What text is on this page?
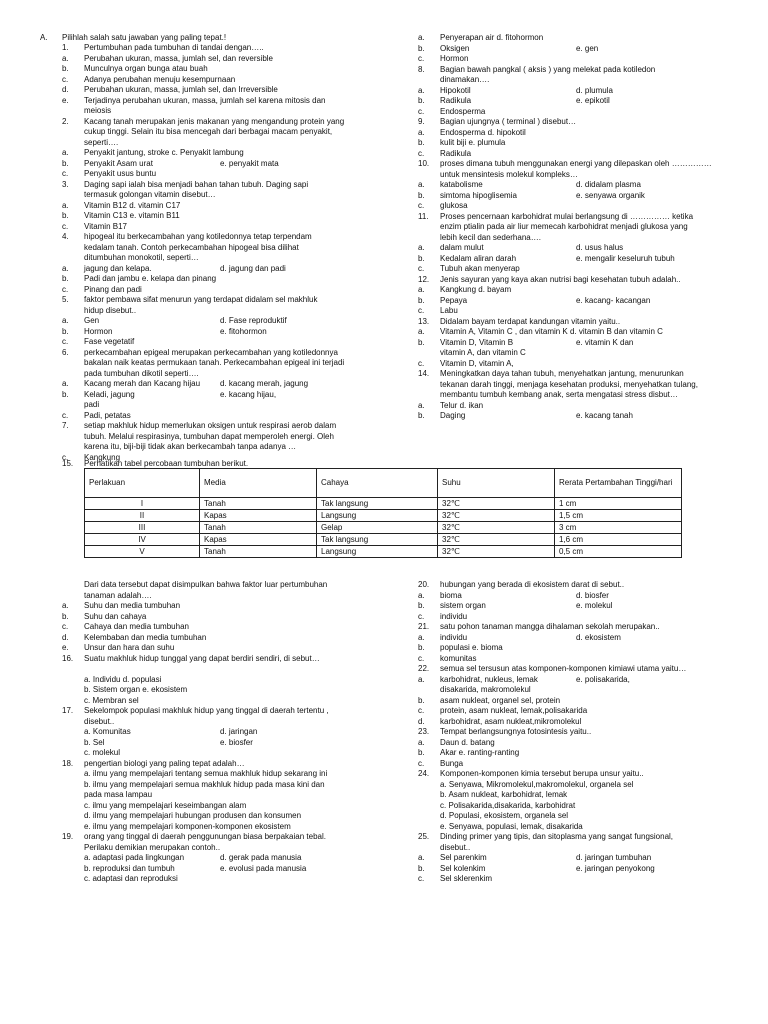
A. Pilihlah salah satu jawaban yang paling tepat.!
1. Pertumbuhan pada tumbuhan di tandai dengan…..
a. Perubahan ukuran, massa, jumlah sel, dan reversible
b. Munculnya organ bunga atau buah
c. Adanya perubahan menuju kesempurnaan
d. Perubahan ukuran, massa, jumlah sel, dan Irreversible
e. Terjadinya perubahan ukuran, massa, jumlah sel karena mitosis dan
meiosis
2. Kacang tanah merupakan jenis makanan yang mengandung protein yang
cukup tinggi. Selain itu bisa mencegah dari berbagai macam penyakit,
seperti….
a. Penyakit jantung, stroke c. Penyakit lambung
b. Penyakit Asam urat	e. penyakit mata
c. Penyakit usus buntu
3. Daging sapi ialah bisa menjadi bahan tahan tubuh. Daging sapi
termasuk golongan vitamin disebut…
a. Vitamin B12 d. vitamin C17
b. Vitamin C13 e. vitamin B11
c. Vitamin B17
4. hipogeal itu berkecambahan yang kotiledonnya tetap terpendam
kedalam tanah. Contoh perkecambahan hipogeal bisa dilihat
ditumbuhan monokotil, seperti…
a. jagung dan kelapa.	d. jagung dan padi
b. Padi dan jambu e. kelapa dan pinang
c. Pinang dan padi
5. faktor pembawa sifat menurun yang terdapat didalam sel makhluk
hidup disebut..
a. Gen	d. Fase reproduktif
b. Hormon	e. fitohormon
c. Fase vegetatif
6. perkecambahan epigeal merupakan perkecambahan yang kotiledonnya
bakalan naik keatas permukaan tanah. Perkecambahan epigeal ini terjadi
pada tumbuhan dikotil seperti….
a. Kacang merah dan Kacang hijau d. kacang merah, jagung
b. Keladi, jagung	e. kacang hijau,
padi
c. Padi, petatas
7. setiap makhluk hidup memerlukan oksigen untuk respirasi aerob dalam
tubuh. Melalui respirasinya, tumbuhan dapat memperoleh energi. Oleh
karena itu, biji-biji tidak akan berkecambah tanpa adanya …
c. Kangkung
a. Penyerapan air d. fitohormon
b. Oksigen	e. gen
c. Hormon
8. Bagian bawah pangkal ( aksis ) yang melekat pada kotiledon
dinamakan….
a. Hipokotil	d. plumula
b. Radikula	e. epikotil
c. Endosperma
9. Bagian ujungnya ( terminal ) disebut…
a. Endosperma d. hipokotil
b. kulit biji e. plumula
c. Radikula
10. proses dimana tubuh menggunakan energi yang dilepaskan oleh ……………
untuk mensintesis molekul kompleks…
a. katabolisme	d. didalam plasma
b. simtoma hipoglisemia	e. senyawa organik
c. glukosa
11. Proses pencernaan karbohidrat mulai berlangsung di …………… ketika
enzim ptialin pada air liur memecah karbohidrat menjadi glukosa yang
lebih kecil dan sederhana….
a. dalam mulut	d. usus halus
b. Kedalam aliran darah	e. mengalir keseluruh tubuh
c. Tubuh akan menyerap
12. Jenis sayuran yang kaya akan nutrisi bagi kesehatan tubuh adalah..
a. Kangkung d. bayam
b. Pepaya	e. kacang- kacangan
c. Labu
13. Didalam bayam terdapat kandungan vitamin yaitu..
a. Vitamin A, Vitamin C , dan vitamin K d. vitamin B dan vitamin C
b. Vitamin D, Vitamin B	e. vitamin K dan
vitamin A, dan vitamin C
c. Vitamin D, vitamin A,
14. Meningkatkan daya tahan tubuh, menyehatkan jantung, menurunkan
tekanan darah tinggi, menjaga kesehatan produksi, menyehatkan tulang,
membantu tumbuh kembang anak, serta mengatasi stress disbut…
a. Telur d. ikan
b. Daging	e. kacang tanah
15. Perhatikan tabel percobaan tumbuhan berikut.
Perlakuan	Media	Cahaya	Suhu	Rerata Pertambahan Tinggi/hari
I	Tanah	Tak langsung	32℃	1 cm
II	Kapas	Langsung	32℃	1,5 cm
III	Tanah	Gelap	32℃	3 cm
IV	Kapas	Tak langsung	32℃	1,6 cm
V	Tanah	Langsung	32℃	0,5 cm
Dari data tersebut dapat disimpulkan bahwa faktor luar pertumbuhan
tanaman adalah….
a. Suhu dan media tumbuhan
b. Suhu dan cahaya
c. Cahaya dan media tumbuhan
d. Kelembaban dan media tumbuhan
e. Unsur dan hara dan suhu
16. Suatu makhluk hidup tunggal yang dapat berdiri sendiri, di sebut…
a. Individu d. populasi
b. Sistem organ e. ekosistem
c. Membran sel
17. Sekelompok populasi makhluk hidup yang tinggal di daerah tertentu ,
disebut..
a. Komunitas	d. jaringan
b. Sel	e. biosfer
c. molekul
18. pengertian biologi yang paling tepat adalah…
a. ilmu yang mempelajari tentang semua makhluk hidup sekarang ini
b. ilmu yang mempelajari semua makhluk hidup pada masa kini dan
pada masa lampau
c. ilmu yang mempelajari keseimbangan alam
d. ilmu yang mempelajari hubungan produsen dan konsumen
e. ilmu yang mempelajari komponen-komponen ekosistem
19. orang yang tinggal di daerah penggunungan biasa berpakaian tebal.
Perilaku demikian merupakan contoh..
a. adaptasi pada lingkungan	d. gerak pada manusia
b. reproduksi dan tumbuh	e. evolusi pada manusia
c. adaptasi dan reproduksi
20. hubungan yang berada di ekosistem darat di sebut..
a. bioma	d. biosfer
b. sistem organ	e. molekul
c. individu
21. satu pohon tanaman mangga dihalaman sekolah merupakan..
a. individu	d. ekosistem
b. populasi e. bioma
c. komunitas
22. semua sel tersusun atas komponen-komponen kimiawi utama yaitu…
a. karbohidrat, nukleus, lemak	e. polisakarida,
disakarida, makromolekul
b. asam nukleat, organel sel, protein
c. protein, asam nukleat, lemak,polisakarida
d. karbohidrat, asam nukleat,mikromolekul
23. Tempat berlangsungnya fotosintesis yaitu..
a. Daun d. batang
b. Akar e. ranting-ranting
c. Bunga
24. Komponen-komponen kimia tersebut berupa unsur yaitu..
a. Senyawa, Mikromolekul,makromolekul, organela sel
b. Asam nukleat, karbohidrat, lemak
c. Polisakarida,disakarida, karbohidrat
d. Populasi, ekosistem, organela sel
e. Senyawa, populasi, lemak, disakarida
25. Dinding primer yang tipis, dan sitoplasma yang sangat fungsional,
disebut..
a. Sel parenkim	d. jaringan tumbuhan
b. Sel kolenkim	e. jaringan penyokong
c. Sel sklerenkim
